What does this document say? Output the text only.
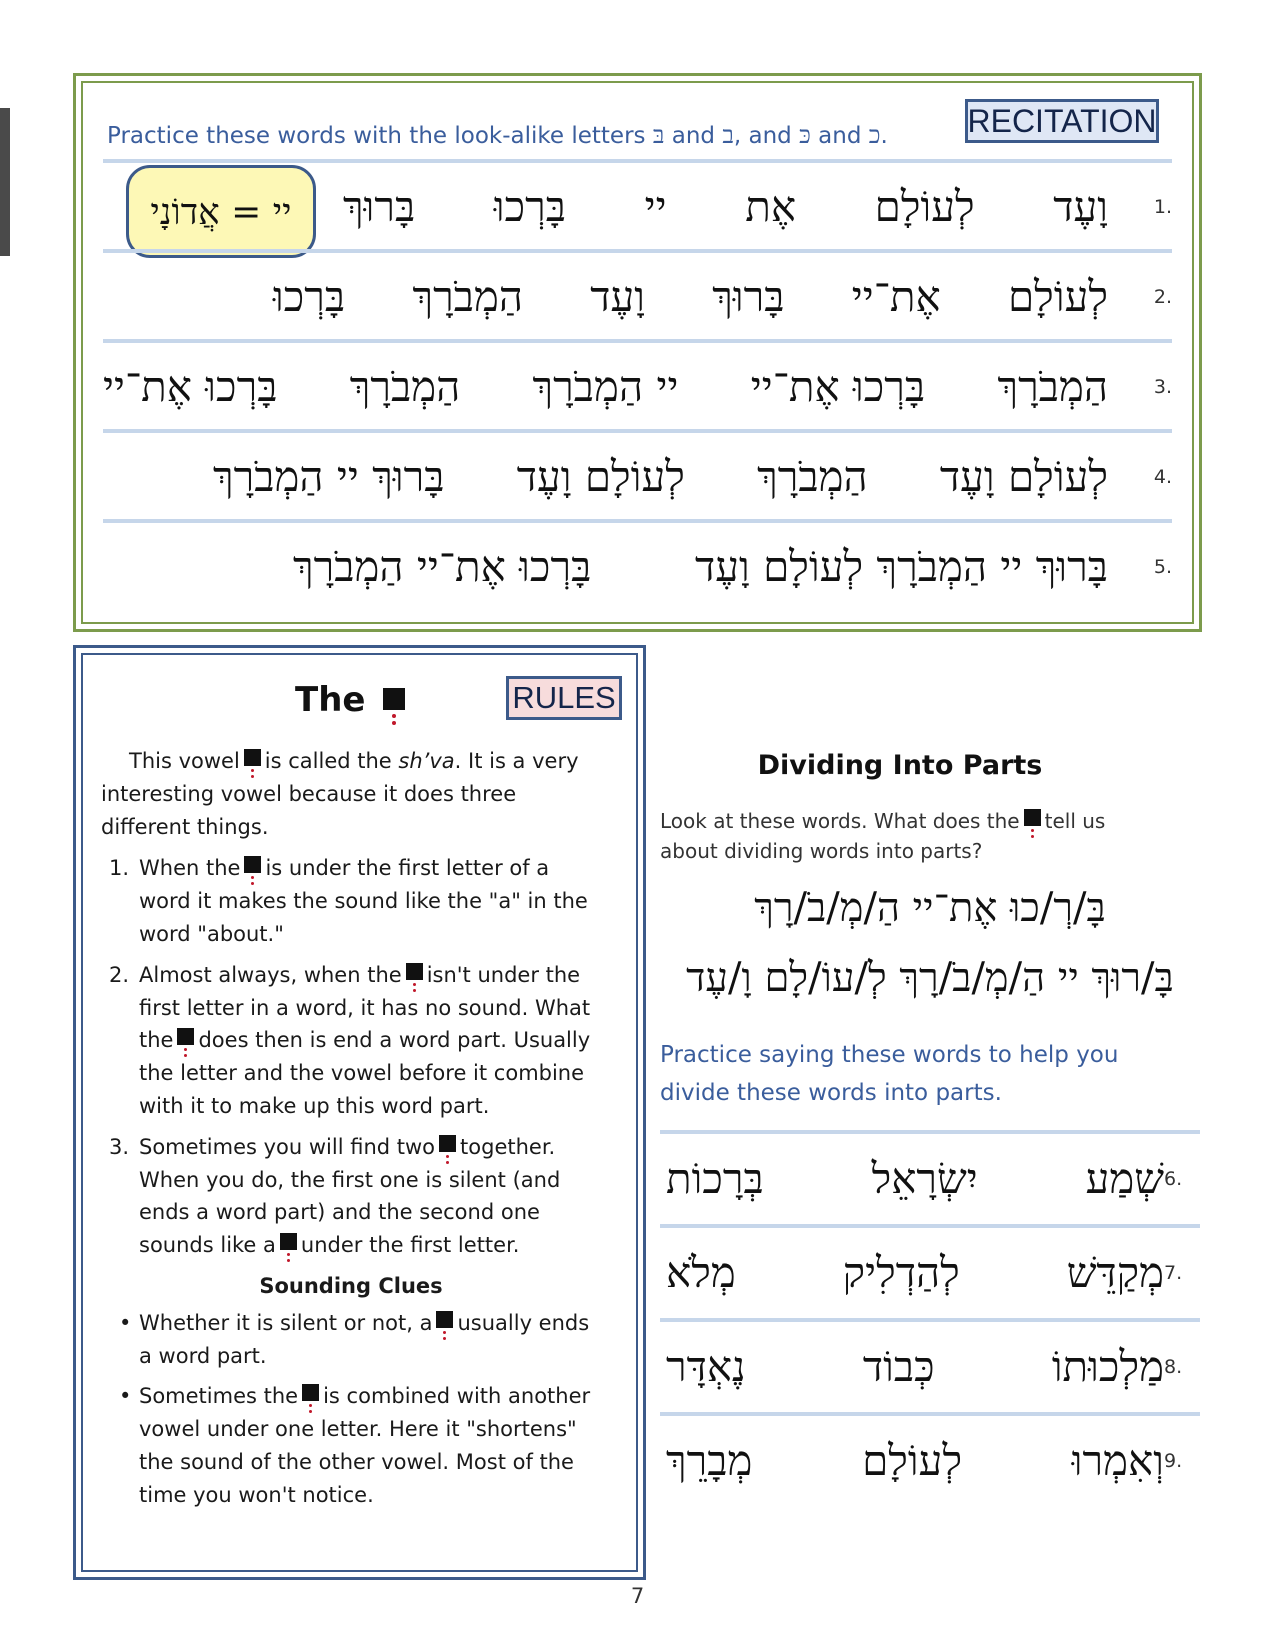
RECITATION
Practice these words with the look-alike letters בּ and ב, and כּ and כ.
יי = אֲדוֹנָי	1.
בָּרוּךְ בָּרְכוּ יי אֶת לְעוֹלָם וָעֶד
2.
בָּרְכוּ הַמְבֹרָךְ וָעֶד בָּרוּךְ אֶת־יי לְעוֹלָם
3.
בָּרְכוּ אֶת־יי הַמְבֹרָךְ יי הַמְבֹרָךְ בָּרְכוּ אֶת־יי הַמְבֹרָךְ
4.
בָּרוּךְ יי הַמְבֹרָךְ לְעוֹלָם וָעֶד הַמְבֹרָךְ לְעוֹלָם וָעֶד
5.
בָּרְכוּ אֶת־יי הַמְבֹרָךְ בָּרוּךְ יי הַמְבֹרָךְ לְעוֹלָם וָעֶד
The	RULES

This vowel is called the sh’va. It is a very interesting vowel because it does three different things.

1. When the is under the first letter of a word it makes the sound like the "a" in the word "about."
2. Almost always, when the isn't under the first letter in a word, it has no sound. What the does then is end a word part. Usually the letter and the vowel before it combine with it to make up this word part.
3. Sometimes you will find two together. When you do, the first one is silent (and ends a word part) and the second one sounds like a under the first letter.
Sounding Clues
• Whether it is silent or not, a usually ends a word part.
• Sometimes the is combined with another vowel under one letter. Here it "shortens" the sound of the other vowel. Most of the time you won't notice.
Dividing Into Parts
Look at these words. What does the tell us about dividing words into parts?
בָּ/רְ/כוּ אֶת־יי הַ/מְ/בֹ/רָךְ
בָּ/רוּךְ יי הַ/מְ/בֹ/רָךְ לְ/עוֹ/לָם וָ/עֶד
Practice saying these words to help you divide these words into parts.
6.
שְׁמַע
יִשְׂרָאֵל
בְּרָכוֹת
7.
מְקַדֵּשׁ
לְהַדְלִיק
מְלֹא
8.
מַלְכוּתוֹ
כְּבוֹד
נֶאְדָּר
9.
וְאִמְרוּ
לְעוֹלָם
מְבָרֵךְ
7
